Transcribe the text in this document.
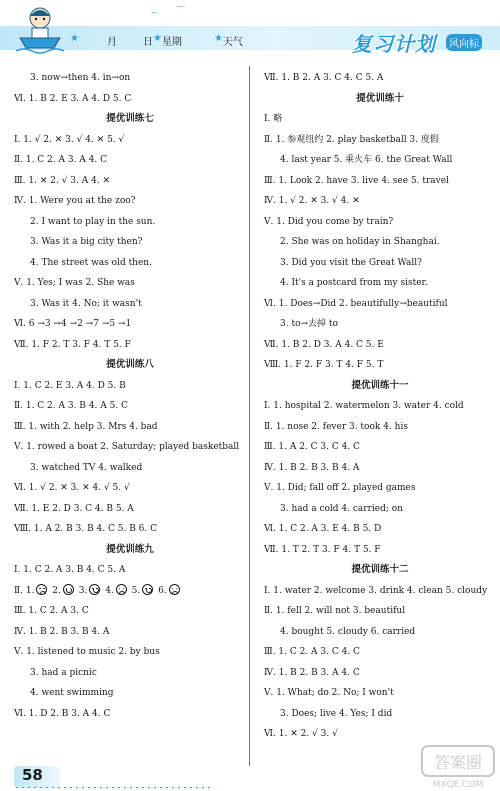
⌒
⌒
★	月	日 ★ 星期	★ 天气	复习计划	风向标
3. now→then 4. in→on
Ⅵ. 1. B 2. E 3. A 4. D 5. C
提优训练七
Ⅰ. 1. √ 2. ✕ 3. √ 4. ✕ 5. √
Ⅱ. 1. C 2. A 3. A 4. C
Ⅲ. 1. ✕ 2. √ 3. A 4. ✕
Ⅳ. 1. Were you at the zoo?
2. I want to play in the sun.
3. Was it a big city then?
4. The street was old then.
Ⅴ. 1. Yes; I was 2. She was
3. Was it 4. No; it wasn't
Ⅵ. 6 →3 →4 →2 →7 →5 →1
Ⅶ. 1. F 2. T 3. F 4. T 5. F
提优训练八
Ⅰ. 1. C 2. E 3. A 4. D 5. B
Ⅱ. 1. C 2. A 3. B 4. A 5. C
Ⅲ. 1. with 2. help 3. Mrs 4. bad
Ⅴ. 1. rowed a boat 2. Saturday; played basketball
3. watched TV 4. walked
Ⅵ. 1. √ 2. ✕ 3. ✕ 4. √ 5. √
Ⅶ. 1. E 2. D 3. C 4. B 5. A
Ⅷ. 1. A 2. B 3. B 4. C 5. B 6. C
提优训练九
Ⅰ. 1. C 2. A 3. B 4. C 5. A
Ⅱ. 1. 2. 3. 4. 5. 6.
Ⅲ. 1. C 2. A 3. C
Ⅳ. 1. B 2. B 3. B 4. A
Ⅴ. 1. listened to music 2. by bus
3. had a picnic
4. went swimming
Ⅵ. 1. D 2. B 3. A 4. C
Ⅶ. 1. B 2. A 3. C 4. C 5. A
提优训练十
Ⅰ. 略
Ⅱ. 1. 参观纽约 2. play basketball 3. 度假
4. last year 5. 乘火车 6. the Great Wall
Ⅲ. 1. Look 2. have 3. live 4. see 5. travel
Ⅳ. 1. √ 2. ✕ 3. √ 4. ✕
Ⅴ. 1. Did you come by train?
2. She was on holiday in Shanghai.
3. Did you visit the Great Wall?
4. It's a postcard from my sister.
Ⅵ. 1. Does→Did 2. beautifully→beautiful
3. to→去掉 to
Ⅶ. 1. B 2. D 3. A 4. C 5. E
Ⅷ. 1. F 2. F 3. T 4. F 5. T
提优训练十一
Ⅰ. 1. hospital 2. watermelon 3. water 4. cold
Ⅱ. 1. nose 2. fever 3. took 4. his
Ⅲ. 1. A 2. C 3. C 4. C
Ⅳ. 1. B 2. B 3. B 4. A
Ⅴ. 1. Did; fall off 2. played games
3. had a cold 4. carried; on
Ⅵ. 1. C 2. A 3. E 4. B 5. D
Ⅶ. 1. T 2. T 3. F 4. T 5. F
提优训练十二
Ⅰ. 1. water 2. welcome 3. drink 4. clean 5. cloudy
Ⅱ. 1. fell 2. will not 3. beautiful
4. bought 5. cloudy 6. carried
Ⅲ. 1. C 2. A 3. C 4. C
Ⅳ. 1. B 2. B 3. A 4. C
Ⅴ. 1. What; do 2. No; I won't
3. Does; live 4. Yes; I did
Ⅵ. 1. ✕ 2. √ 3. √
58
答案圈
MXQE.COM
